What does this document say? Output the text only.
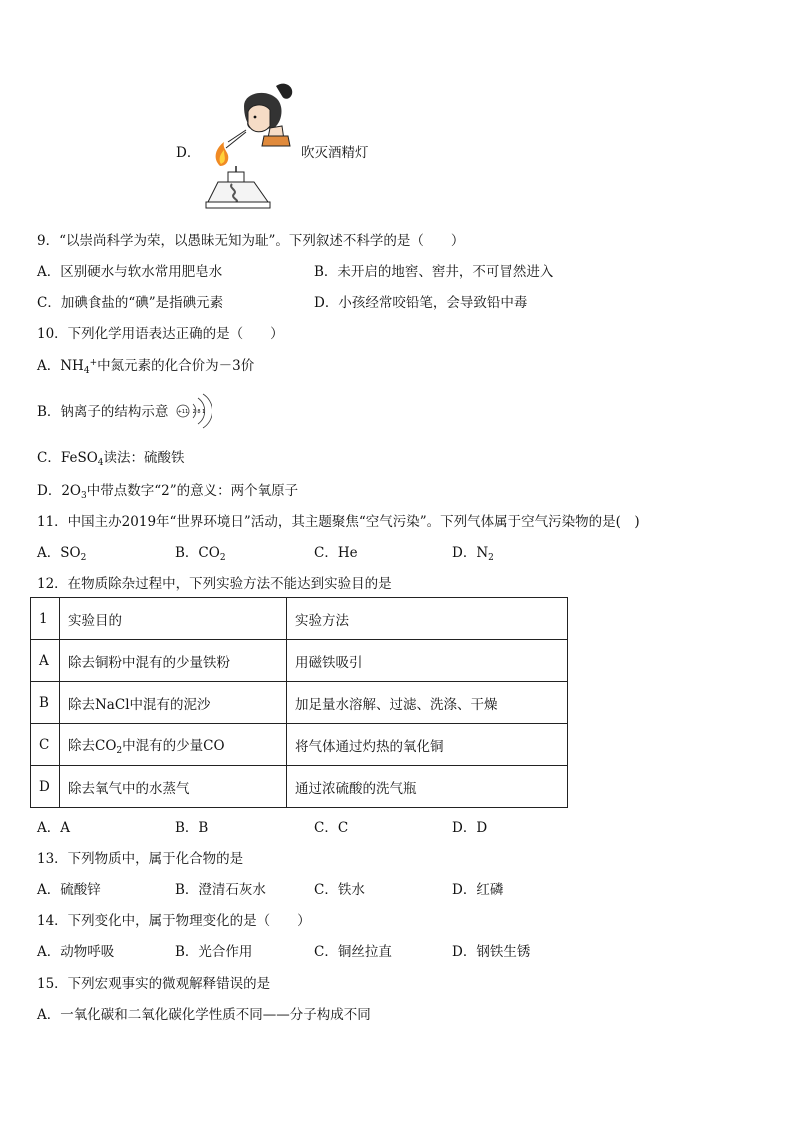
D．	吹灭酒精灯
9．“以崇尚科学为荣，以愚昧无知为耻”。下列叙述不科学的是（　　）
A．区别硬水与软水常用肥皂水	B．未开启的地窖、窖井，不可冒然进入
C．加碘食盐的“碘”是指碘元素	D．小孩经常咬铅笔，会导致铅中毒
10．下列化学用语表达正确的是（　　）
A．$NH_4^+$中氮元素的化合价为－3价
B．钠离子的结构示意 +11 2 8 1
C．FeSO$_4$读法：硫酸铁
D．$2O_3$中带点数字“2”的意义：两个氧原子
11．中国主办2019年“世界环境日”活动，其主题聚焦“空气污染”。下列气体属于空气污染物的是(　)
A．$SO_2$	B．$CO_2$	C．He	D．$N_2$
12．在物质除杂过程中，下列实验方法不能达到实验目的是
1	实验目的	实验方法
A	除去铜粉中混有的少量铁粉	用磁铁吸引
B	除去NaCl中混有的泥沙	加足量水溶解、过滤、洗涤、干燥
C	除去$CO_2$中混有的少量CO	将气体通过灼热的氧化铜
D	除去氧气中的水蒸气	通过浓硫酸的洗气瓶
A．A	B．B	C．C	D．D
13．下列物质中，属于化合物的是
A．硫酸锌	B．澄清石灰水	C．铁水	D．红磷
14．下列变化中，属于物理变化的是（　　）
A．动物呼吸	B．光合作用	C．铜丝拉直	D．钢铁生锈
15．下列宏观事实的微观解释错误的是
A．一氧化碳和二氧化碳化学性质不同——分子构成不同
